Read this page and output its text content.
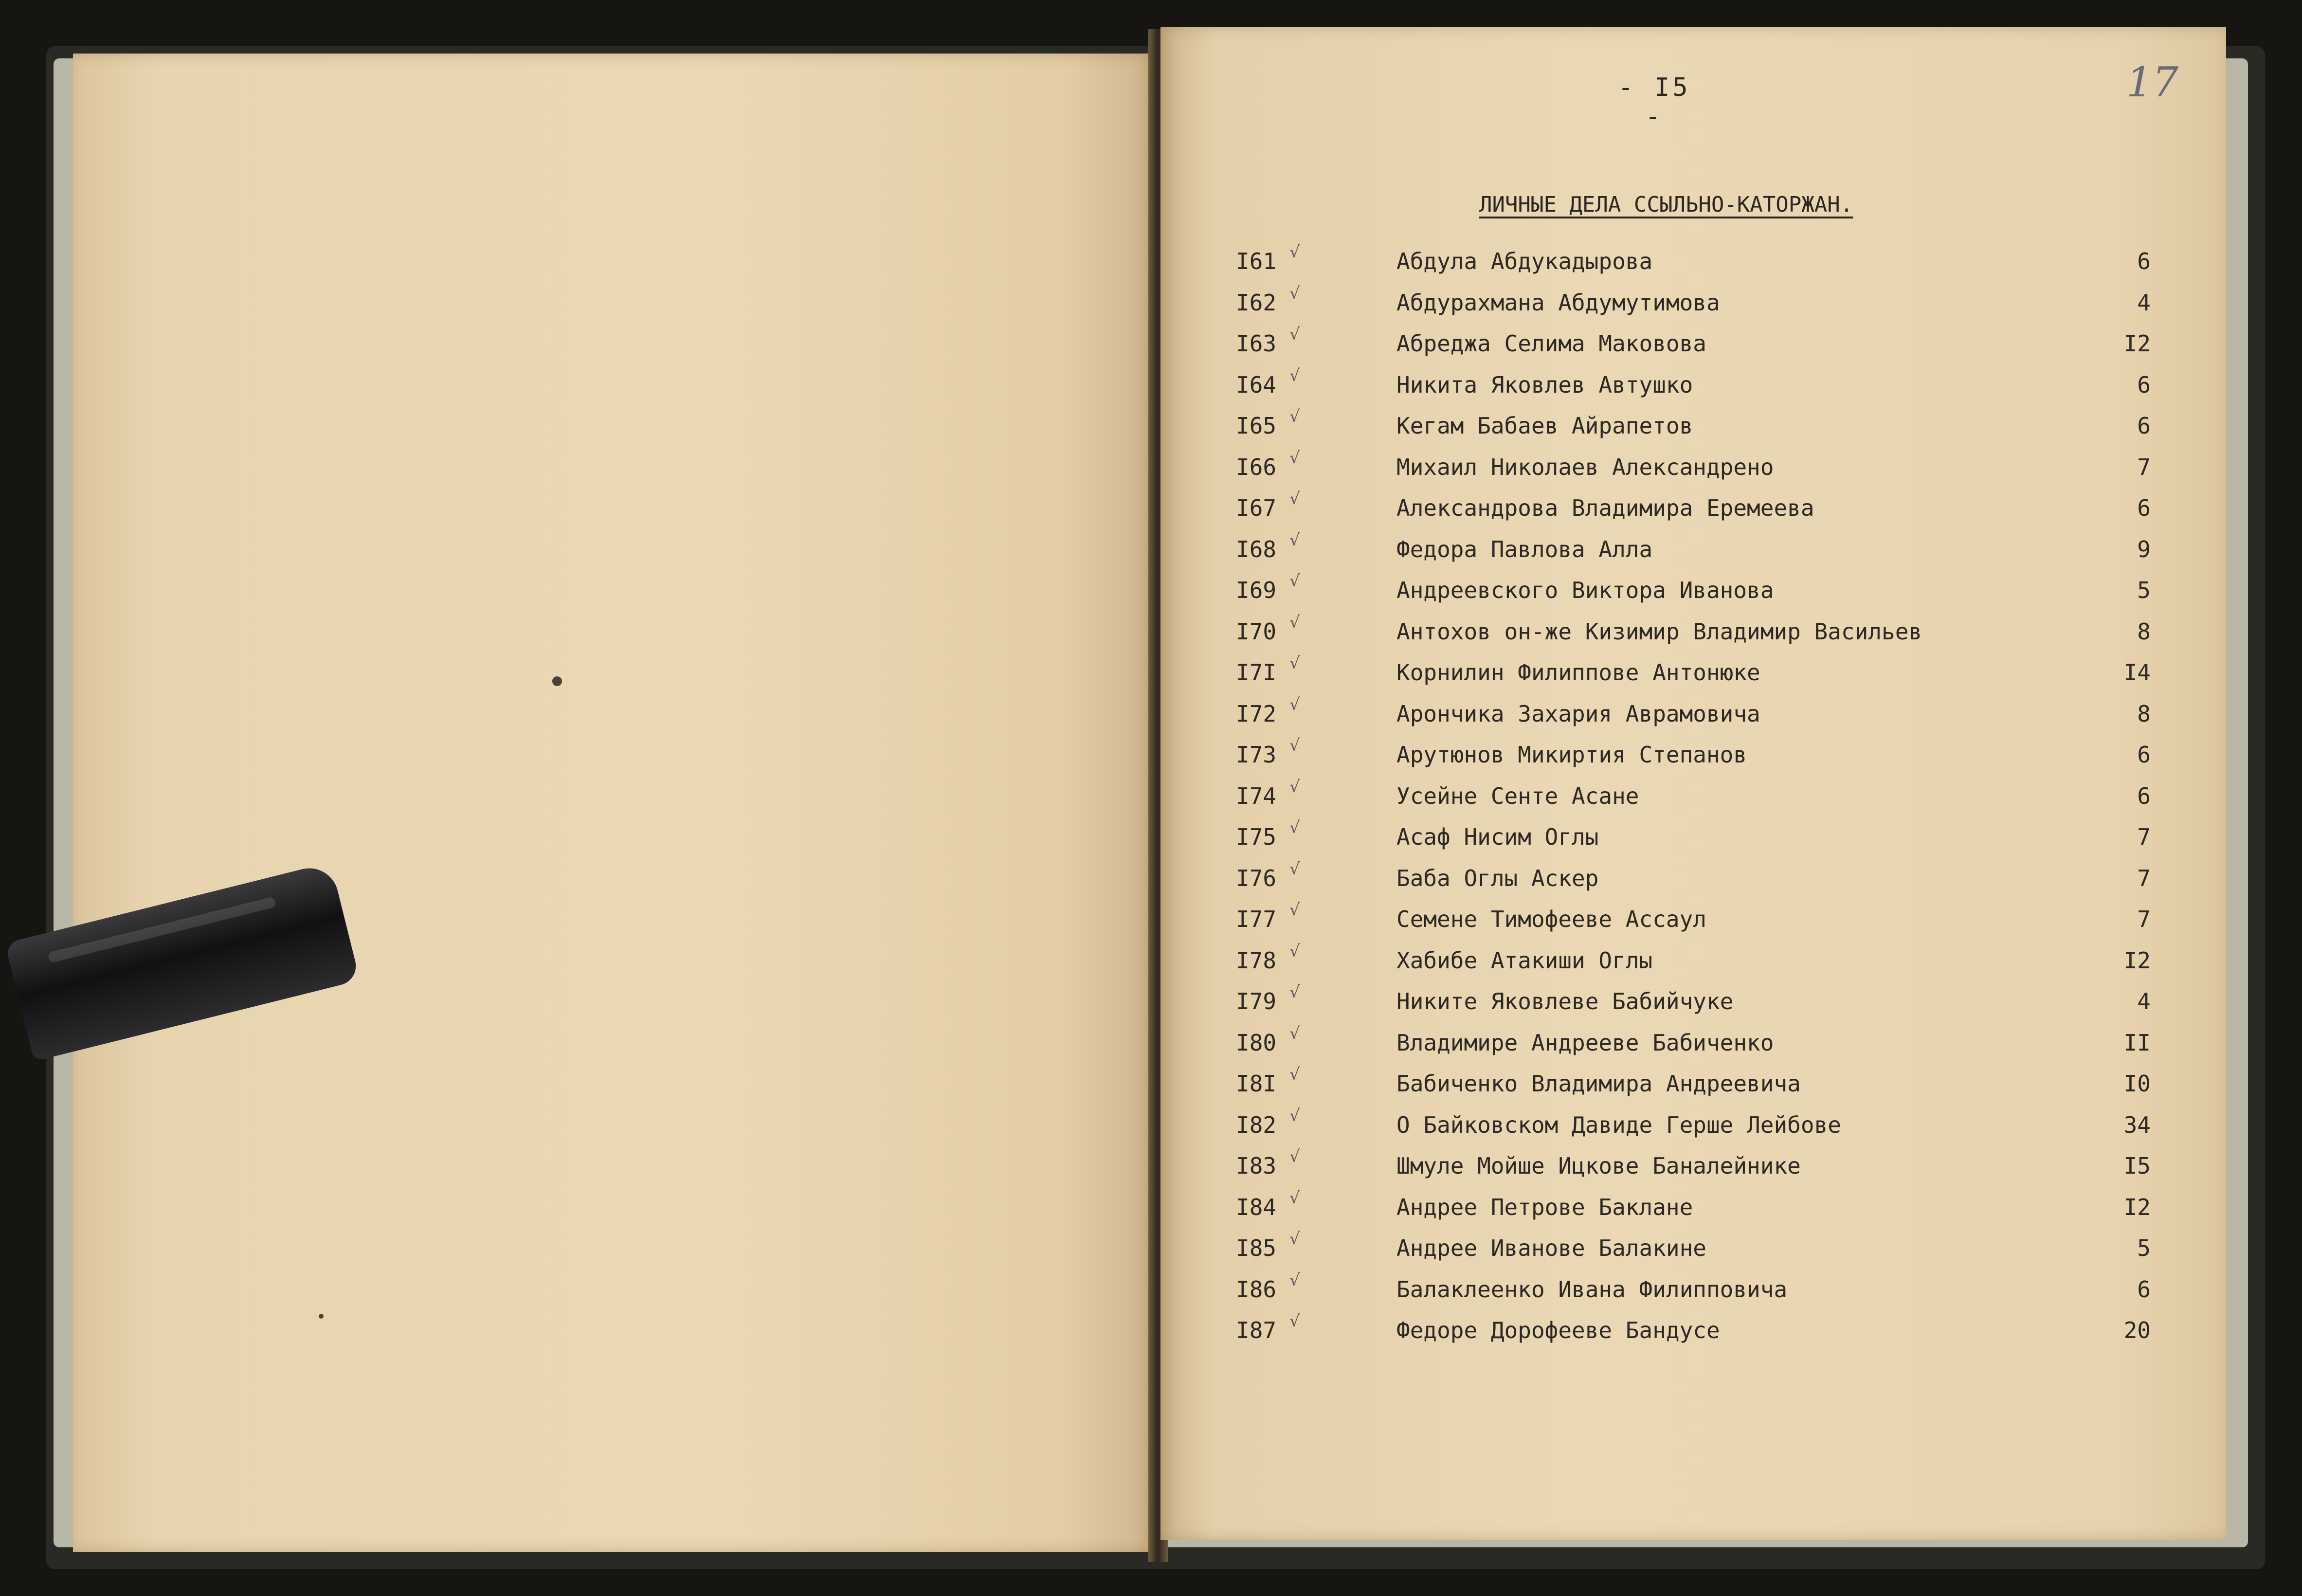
- I5 -
17
ЛИЧНЫЕ ДЕЛА ССЫЛЬНО-КАТОРЖАН.
I61 √	Абдула Абдукадырова	6
I62 √	Абдурахмана Абдумутимова	4
I63 √	Абреджа Селима Маковова	I2
I64 √	Никита Яковлев Автушко	6
I65 √	Кегам Бабаев Айрапетов	6
I66 √	Михаил Николаев Александрено	7
I67 √	Александрова Владимира Еремеева	6
I68 √	Федора Павлова Алла	9
I69 √	Андреевского Виктора Иванова	5
I70 √	Антохов он-же Кизимир Владимир Васильев	8
I7I √	Корнилин Филиппове Антонюке	I4
I72 √	Арончика Захария Аврамовича	8
I73 √	Арутюнов Микиртия Степанов	6
I74 √	Усейне Сенте Асане	6
I75 √	Асаф Нисим Оглы	7
I76 √	Баба Оглы Аскер	7
I77 √	Семене Тимофееве Ассаул	7
I78 √	Хабибе Атакиши Оглы	I2
I79 √	Никите Яковлеве Бабийчуке	4
I80 √	Владимире Андрееве Бабиченко	II
I8I √	Бабиченко Владимира Андреевича	I0
I82 √	О Байковском Давиде Герше Лейбове	34
I83 √	Шмуле Мойше Ицкове Баналейнике	I5
I84 √	Андрее Петрове Баклане	I2
I85 √	Андрее Иванове Балакине	5
I86 √	Балаклеенко Ивана Филипповича	6
I87 √	Федоре Дорофееве Бандусе	20
